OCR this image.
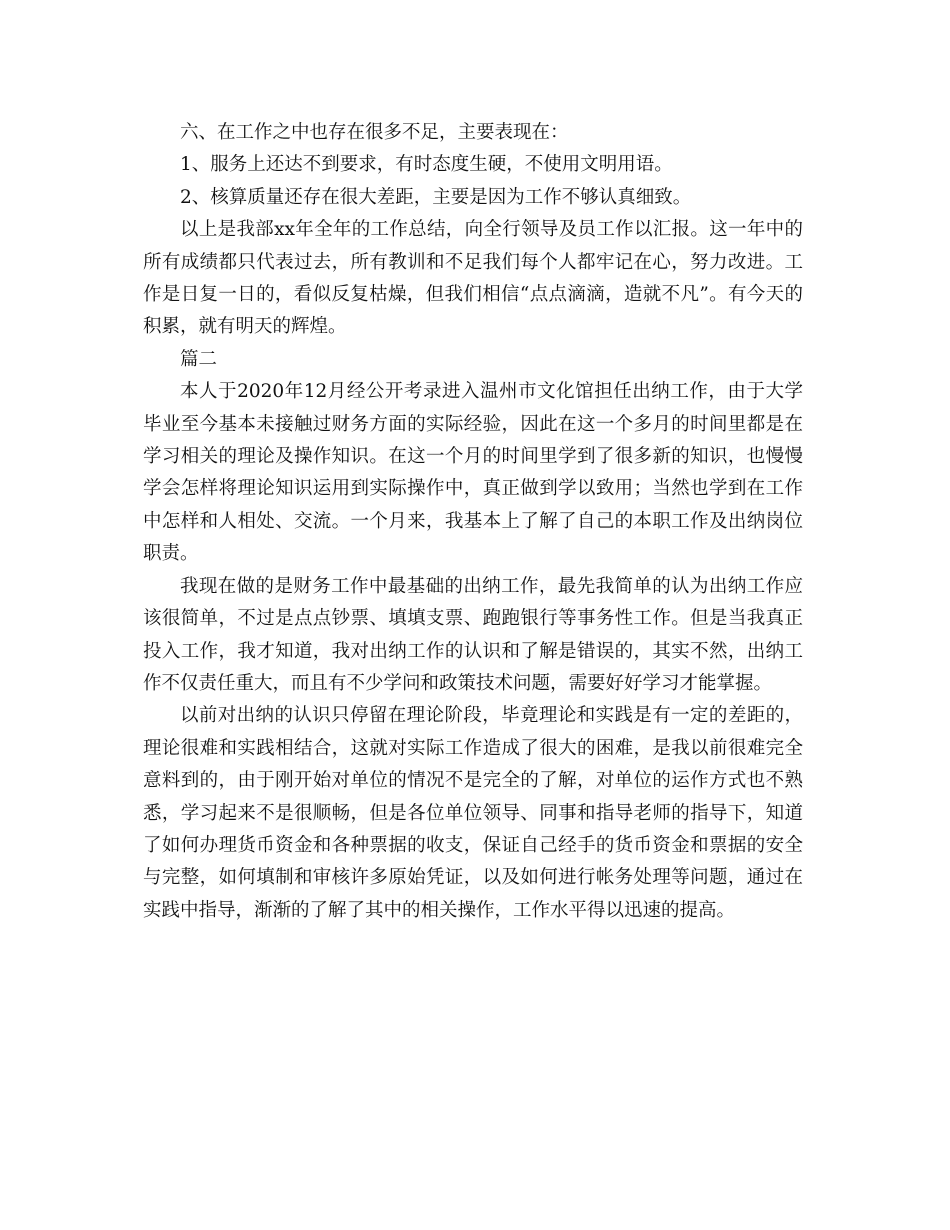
六、在工作之中也存在很多不足，主要表现在：

1、服务上还达不到要求，有时态度生硬，不使用文明用语。

2、核算质量还存在很大差距，主要是因为工作不够认真细致。

以上是我部xx年全年的工作总结，向全行领导及员工作以汇报。这一年中的所有成绩都只代表过去，所有教训和不足我们每个人都牢记在心，努力改进。工作是日复一日的，看似反复枯燥，但我们相信“点点滴滴，造就不凡”。有今天的积累，就有明天的辉煌。

篇二

本人于2020年12月经公开考录进入温州市文化馆担任出纳工作，由于大学毕业至今基本未接触过财务方面的实际经验，因此在这一个多月的时间里都是在学习相关的理论及操作知识。在这一个月的时间里学到了很多新的知识，也慢慢学会怎样将理论知识运用到实际操作中，真正做到学以致用；当然也学到在工作中怎样和人相处、交流。一个月来，我基本上了解了自己的本职工作及出纳岗位职责。

我现在做的是财务工作中最基础的出纳工作，最先我简单的认为出纳工作应该很简单，不过是点点钞票、填填支票、跑跑银行等事务性工作。但是当我真正投入工作，我才知道，我对出纳工作的认识和了解是错误的，其实不然，出纳工作不仅责任重大，而且有不少学问和政策技术问题，需要好好学习才能掌握。

以前对出纳的认识只停留在理论阶段，毕竟理论和实践是有一定的差距的，理论很难和实践相结合，这就对实际工作造成了很大的困难，是我以前很难完全意料到的，由于刚开始对单位的情况不是完全的了解，对单位的运作方式也不熟悉，学习起来不是很顺畅，但是各位单位领导、同事和指导老师的指导下，知道了如何办理货币资金和各种票据的收支，保证自己经手的货币资金和票据的安全与完整，如何填制和审核许多原始凭证，以及如何进行帐务处理等问题，通过在实践中指导，渐渐的了解了其中的相关操作，工作水平得以迅速的提高。
